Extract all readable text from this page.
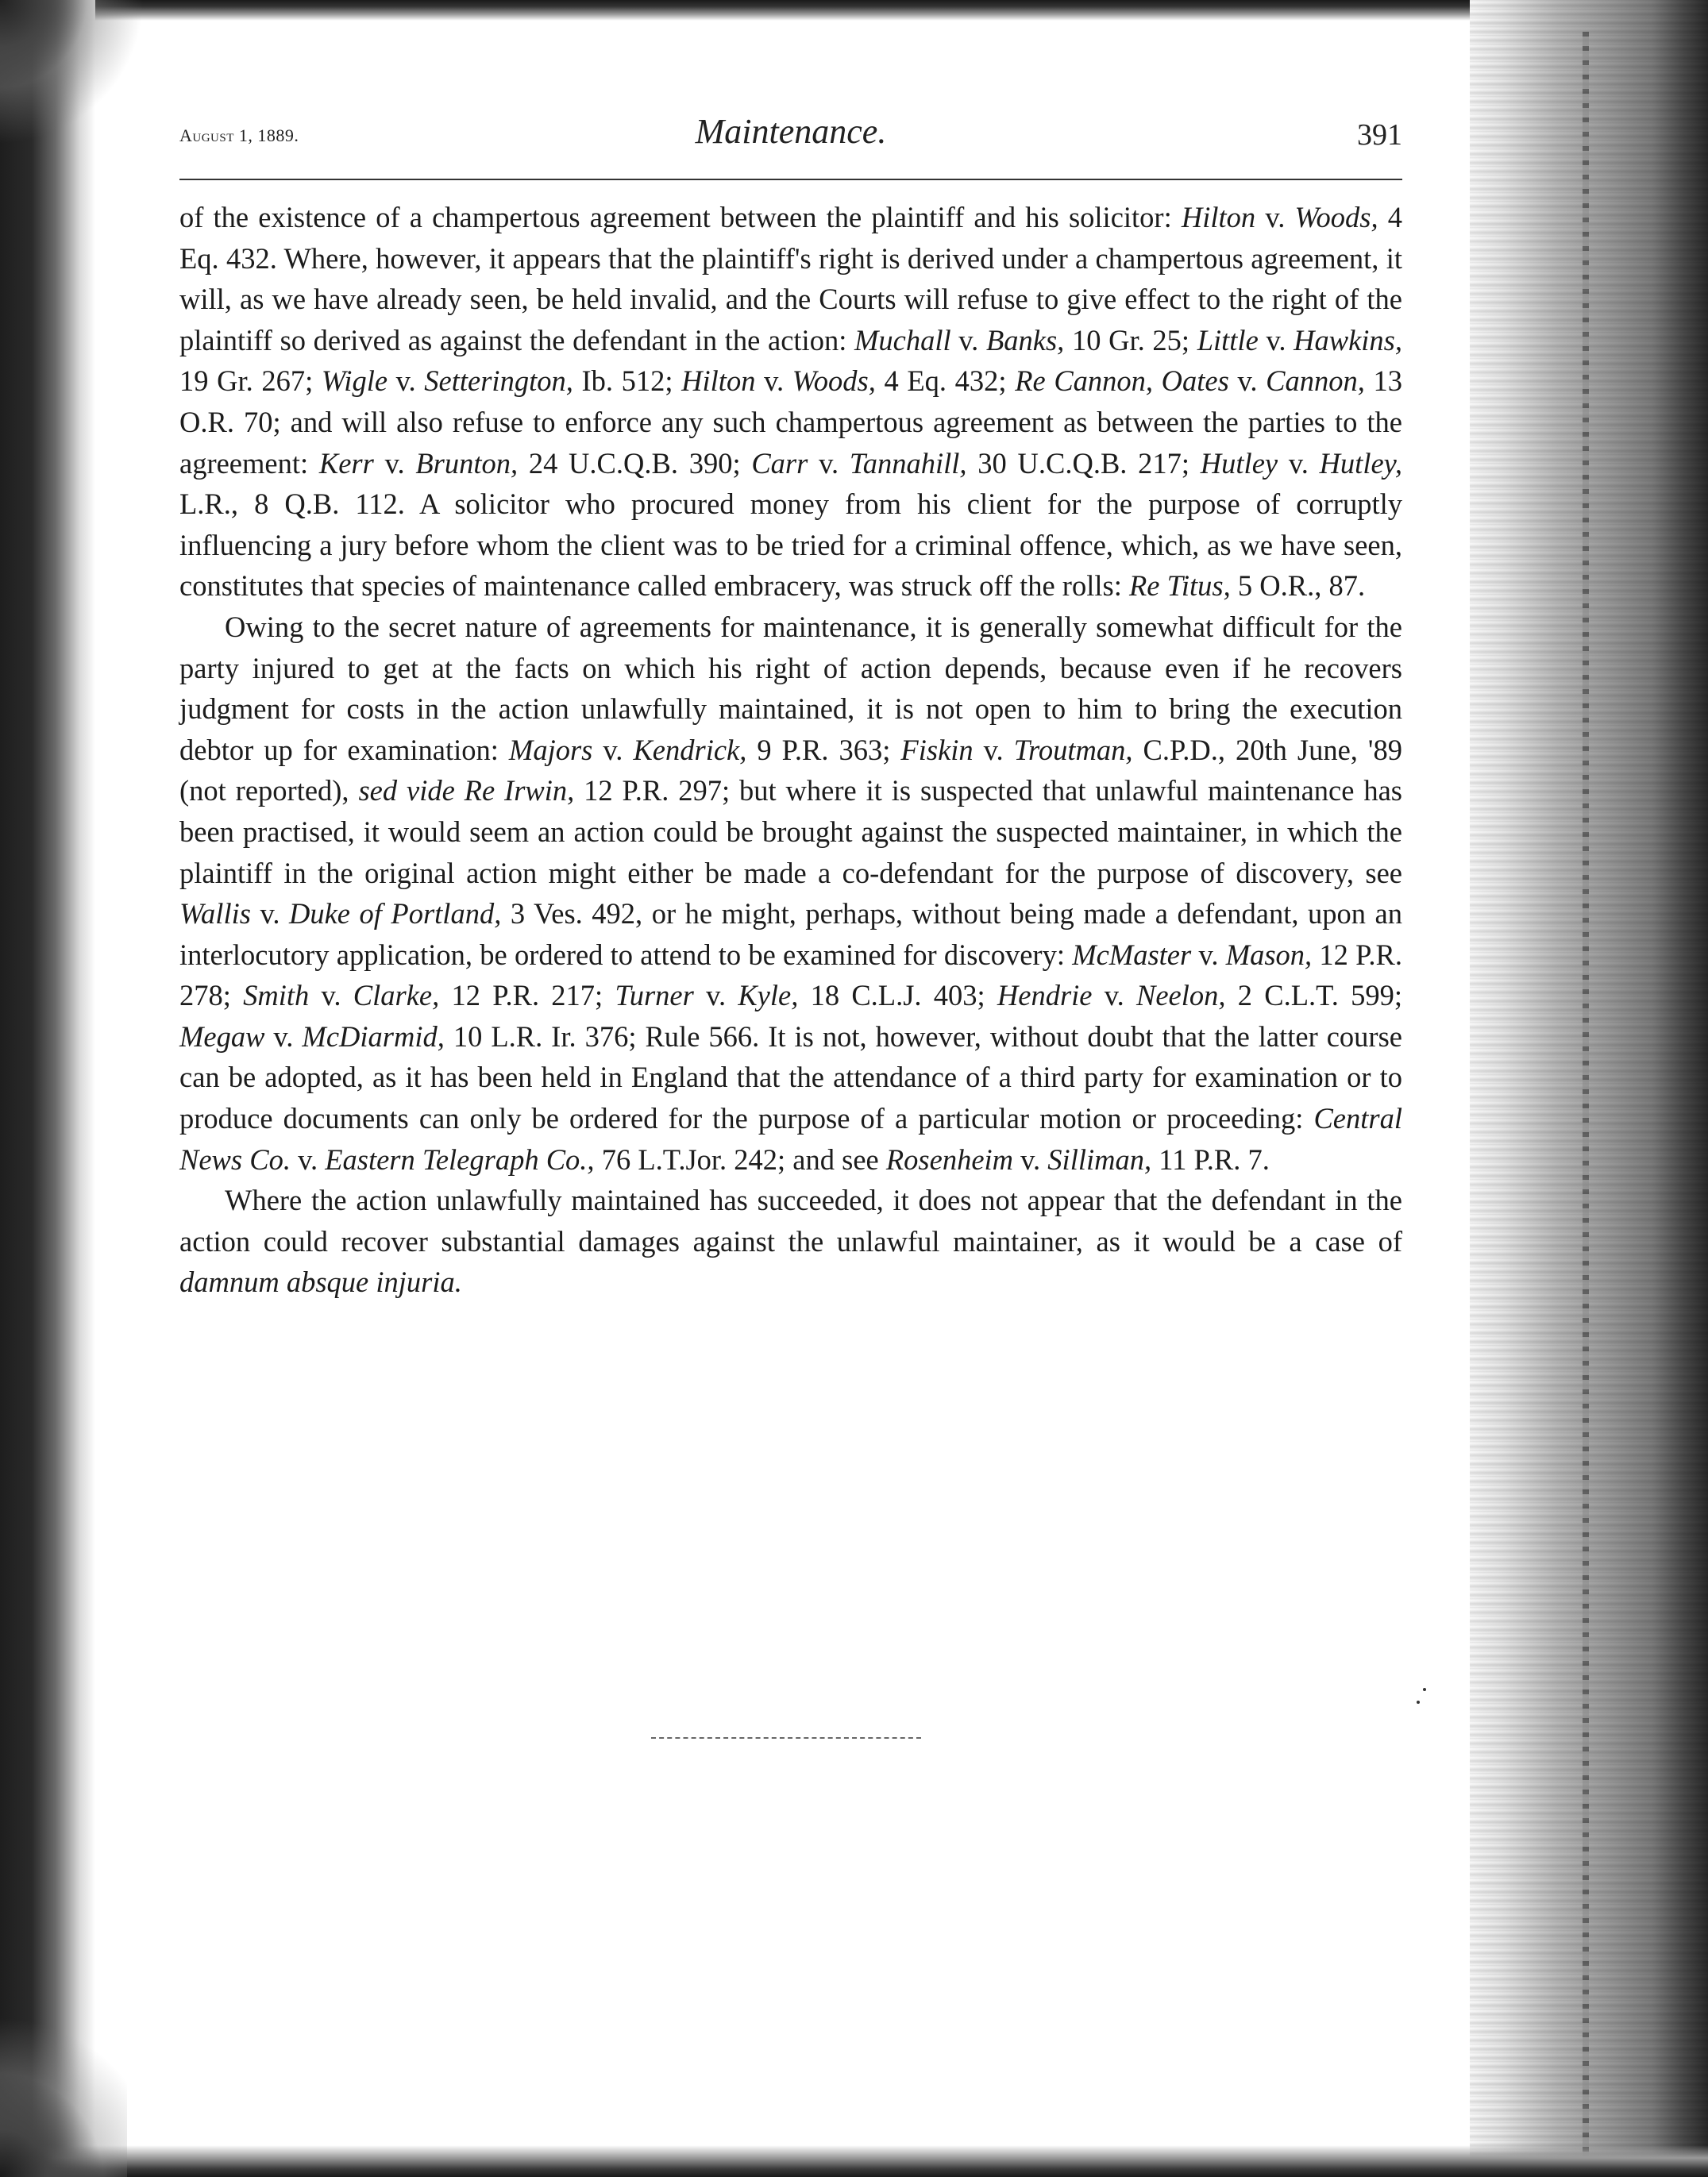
August 1, 1889.	Maintenance.	391

of the existence of a champertous agreement between the plaintiff and his solicitor: Hilton v. Woods, 4 Eq. 432. Where, however, it appears that the plaintiff's right is derived under a champertous agreement, it will, as we have already seen, be held invalid, and the Courts will refuse to give effect to the right of the plaintiff so derived as against the defendant in the action: Muchall v. Banks, 10 Gr. 25; Little v. Hawkins, 19 Gr. 267; Wigle v. Setterington, Ib. 512; Hilton v. Woods, 4 Eq. 432; Re Cannon, Oates v. Cannon, 13 O.R. 70; and will also refuse to enforce any such champertous agreement as between the parties to the agreement: Kerr v. Brunton, 24 U.C.Q.B. 390; Carr v. Tannahill, 30 U.C.Q.B. 217; Hutley v. Hutley, L.R., 8 Q.B. 112. A solicitor who procured money from his client for the purpose of corruptly influencing a jury before whom the client was to be tried for a criminal offence, which, as we have seen, constitutes that species of maintenance called embracery, was struck off the rolls: Re Titus, 5 O.R., 87.

Owing to the secret nature of agreements for maintenance, it is generally somewhat difficult for the party injured to get at the facts on which his right of action depends, because even if he recovers judgment for costs in the action unlawfully maintained, it is not open to him to bring the execution debtor up for examination: Majors v. Kendrick, 9 P.R. 363; Fiskin v. Troutman, C.P.D., 20th June, '89 (not reported), sed vide Re Irwin, 12 P.R. 297; but where it is suspected that unlawful maintenance has been practised, it would seem an action could be brought against the suspected maintainer, in which the plaintiff in the original action might either be made a co-defendant for the purpose of discovery, see Wallis v. Duke of Portland, 3 Ves. 492, or he might, perhaps, without being made a defendant, upon an interlocutory application, be ordered to attend to be examined for discovery: McMaster v. Mason, 12 P.R. 278; Smith v. Clarke, 12 P.R. 217; Turner v. Kyle, 18 C.L.J. 403; Hendrie v. Neelon, 2 C.L.T. 599; Megaw v. McDiarmid, 10 L.R. Ir. 376; Rule 566. It is not, however, without doubt that the latter course can be adopted, as it has been held in England that the attendance of a third party for examination or to produce documents can only be ordered for the purpose of a particular motion or proceeding: Central News Co. v. Eastern Telegraph Co., 76 L.T.Jor. 242; and see Rosenheim v. Silliman, 11 P.R. 7.

Where the action unlawfully maintained has succeeded, it does not appear that the defendant in the action could recover substantial damages against the unlawful maintainer, as it would be a case of damnum absque injuria.
